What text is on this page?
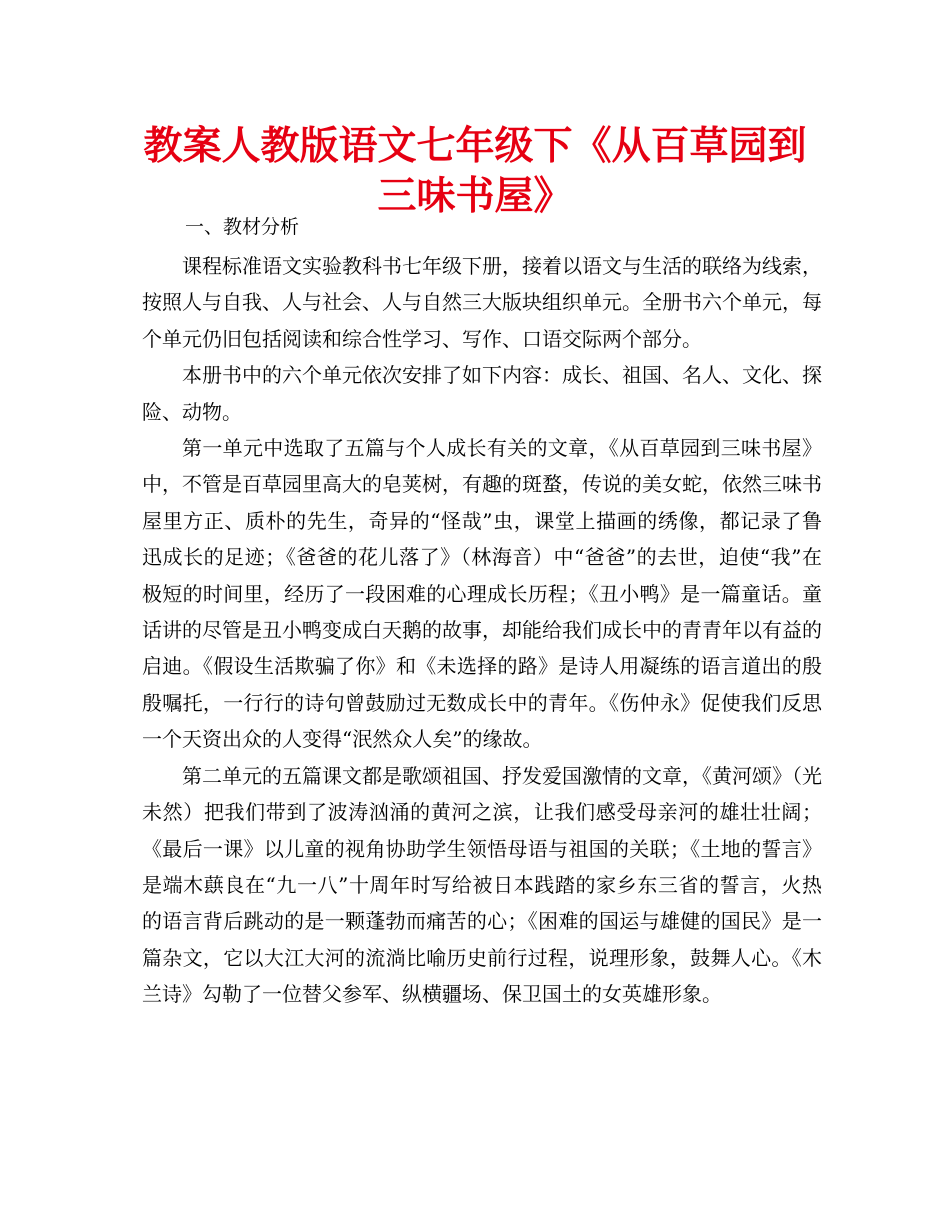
教案人教版语文七年级下《从百草园到三味书屋》
一、教材分析

课程标准语文实验教科书七年级下册，接着以语文与生活的联络为线索，按照人与自我、人与社会、人与自然三大版块组织单元。全册书六个单元，每个单元仍旧包括阅读和综合性学习、写作、口语交际两个部分。

本册书中的六个单元依次安排了如下内容：成长、祖国、名人、文化、探险、动物。

第一单元中选取了五篇与个人成长有关的文章，《从百草园到三味书屋》中，不管是百草园里高大的皂荚树，有趣的斑蝥，传说的美女蛇，依然三味书屋里方正、质朴的先生，奇异的“怪哉”虫，课堂上描画的绣像，都记录了鲁迅成长的足迹；《爸爸的花儿落了》（林海音）中“爸爸”的去世，迫使“我”在极短的时间里，经历了一段困难的心理成长历程；《丑小鸭》是一篇童话。童话讲的尽管是丑小鸭变成白天鹅的故事，却能给我们成长中的青青年以有益的启迪。《假设生活欺骗了你》和《未选择的路》是诗人用凝练的语言道出的殷殷嘱托，一行行的诗句曾鼓励过无数成长中的青年。《伤仲永》促使我们反思一个天资出众的人变得“泯然众人矣”的缘故。

第二单元的五篇课文都是歌颂祖国、抒发爱国激情的文章，《黄河颂》（光未然）把我们带到了波涛汹涌的黄河之滨，让我们感受母亲河的雄壮壮阔；《最后一课》以儿童的视角协助学生领悟母语与祖国的关联；《土地的誓言》是端木蕻良在“九一八”十周年时写给被日本践踏的家乡东三省的誓言，火热的语言背后跳动的是一颗蓬勃而痛苦的心；《困难的国运与雄健的国民》是一篇杂文，它以大江大河的流淌比喻历史前行过程，说理形象，鼓舞人心。《木兰诗》勾勒了一位替父参军、纵横疆场、保卫国土的女英雄形象。
